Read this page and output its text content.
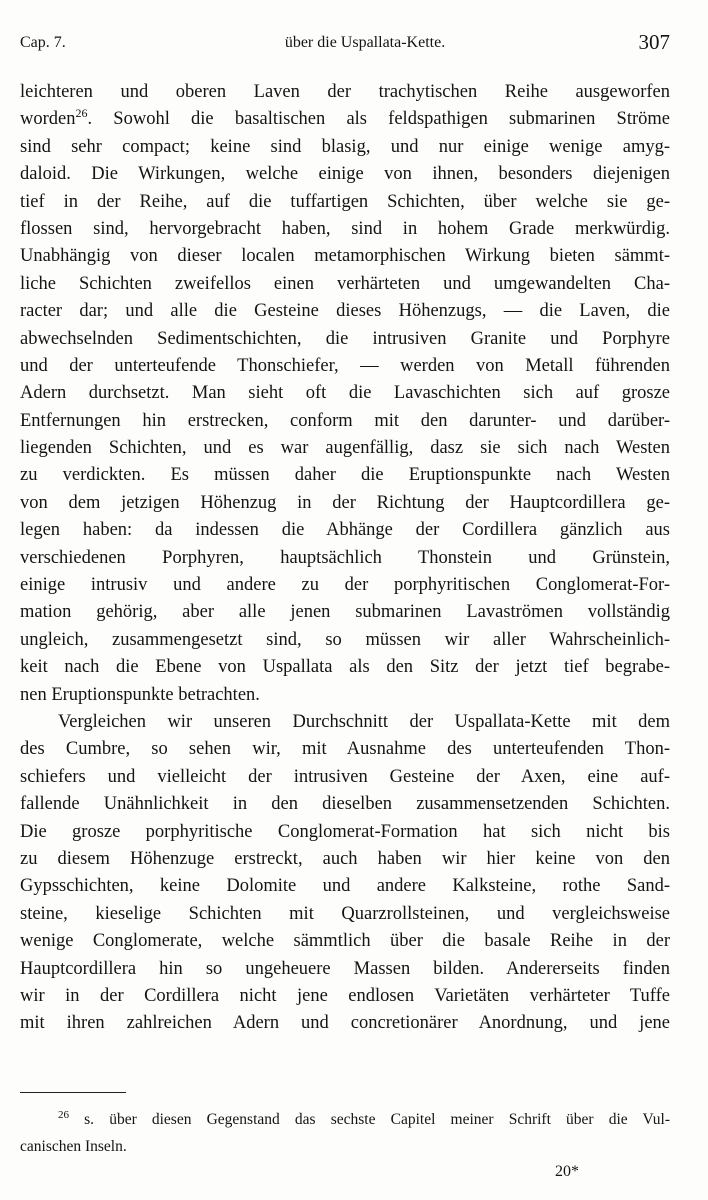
Cap. 7.	über die Uspallata-Kette.	307
leichteren und oberen Laven der trachytischen Reihe ausgeworfen
worden$^{26}$. Sowohl die basaltischen als feldspathigen submarinen Ströme
sind sehr compact; keine sind blasig, und nur einige wenige amyg-
daloid. Die Wirkungen, welche einige von ihnen, besonders diejenigen
tief in der Reihe, auf die tuffartigen Schichten, über welche sie ge-
flossen sind, hervorgebracht haben, sind in hohem Grade merkwürdig.
Unabhängig von dieser localen metamorphischen Wirkung bieten sämmt-
liche Schichten zweifellos einen verhärteten und umgewandelten Cha-
racter dar; und alle die Gesteine dieses Höhenzugs, — die Laven, die
abwechselnden Sedimentschichten, die intrusiven Granite und Porphyre
und der unterteufende Thonschiefer, — werden von Metall führenden
Adern durchsetzt. Man sieht oft die Lavaschichten sich auf grosze
Entfernungen hin erstrecken, conform mit den darunter- und darüber-
liegenden Schichten, und es war augenfällig, dasz sie sich nach Westen
zu verdickten. Es müssen daher die Eruptionspunkte nach Westen
von dem jetzigen Höhenzug in der Richtung der Hauptcordillera ge-
legen haben: da indessen die Abhänge der Cordillera gänzlich aus
verschiedenen Porphyren, hauptsächlich Thonstein und Grünstein,
einige intrusiv und andere zu der porphyritischen Conglomerat-For-
mation gehörig, aber alle jenen submarinen Lavaströmen vollständig
ungleich, zusammengesetzt sind, so müssen wir aller Wahrscheinlich-
keit nach die Ebene von Uspallata als den Sitz der jetzt tief begrabe-
nen Eruptionspunkte betrachten.
Vergleichen wir unseren Durchschnitt der Uspallata-Kette mit dem
des Cumbre, so sehen wir, mit Ausnahme des unterteufenden Thon-
schiefers und vielleicht der intrusiven Gesteine der Axen, eine auf-
fallende Unähnlichkeit in den dieselben zusammensetzenden Schichten.
Die grosze porphyritische Conglomerat-Formation hat sich nicht bis
zu diesem Höhenzuge erstreckt, auch haben wir hier keine von den
Gypsschichten, keine Dolomite und andere Kalksteine, rothe Sand-
steine, kieselige Schichten mit Quarzrollsteinen, und vergleichsweise
wenige Conglomerate, welche sämmtlich über die basale Reihe in der
Hauptcordillera hin so ungeheuere Massen bilden. Andererseits finden
wir in der Cordillera nicht jene endlosen Varietäten verhärteter Tuffe
mit ihren zahlreichen Adern und concretionärer Anordnung, und jene
$^{26}$ s. über diesen Gegenstand das sechste Capitel meiner Schrift über die Vul-
canischen Inseln.
20*
